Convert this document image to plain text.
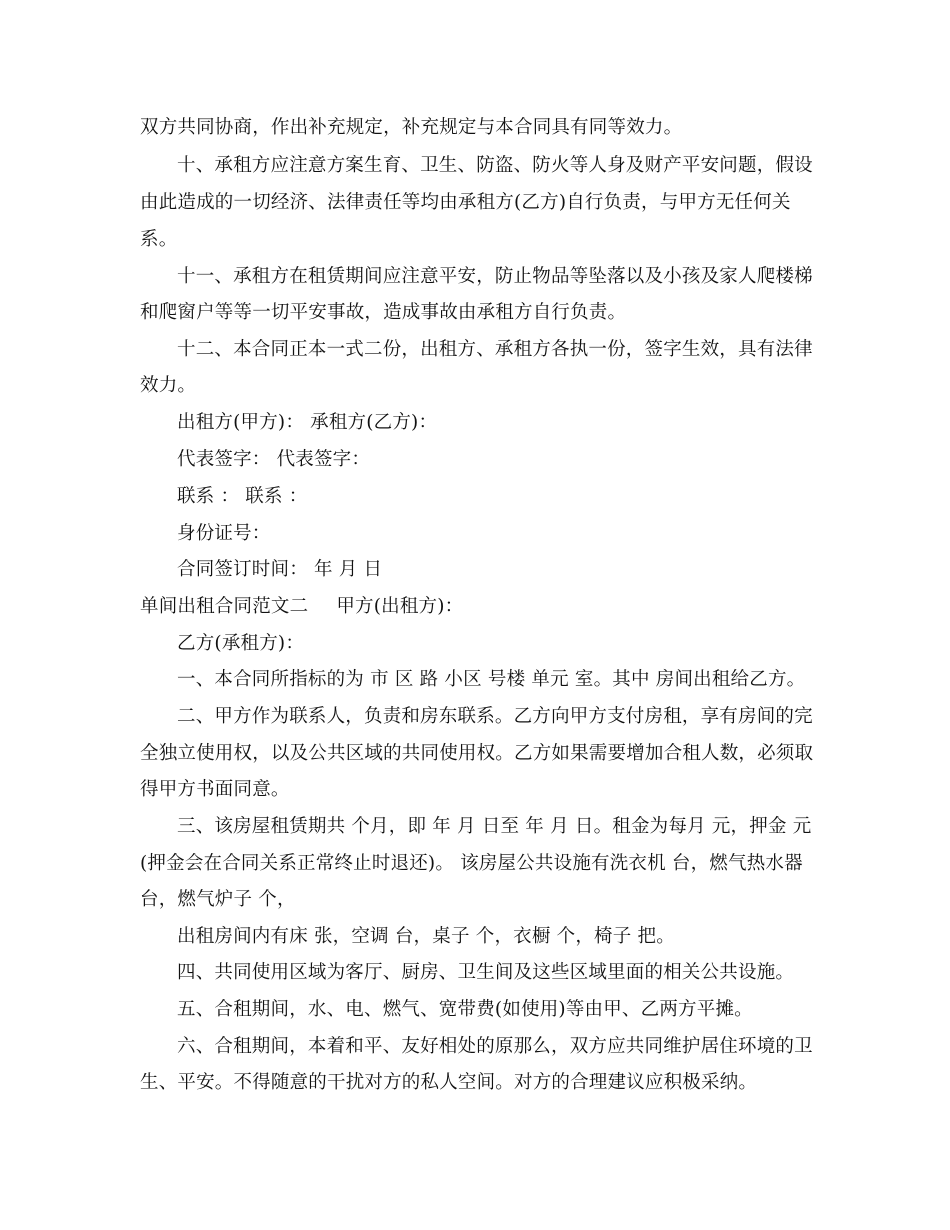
双方共同协商，作出补充规定，补充规定与本合同具有同等效力。
十、承租方应注意方案生育、卫生、防盗、防火等人身及财产平安问题，假设
由此造成的一切经济、法律责任等均由承租方(乙方)自行负责，与甲方无任何关
系。
十一、承租方在租赁期间应注意平安，防止物品等坠落以及小孩及家人爬楼梯
和爬窗户等等一切平安事故，造成事故由承租方自行负责。
十二、本合同正本一式二份，出租方、承租方各执一份，签字生效，具有法律
效力。
出租方(甲方)： 承租方(乙方)：
代表签字： 代表签字：
联系 ： 联系 ：
身份证号：
合同签订时间： 年 月 日
单间出租合同范文二 甲方(出租方)：
乙方(承租方)：
一、本合同所指标的为 市 区 路 小区 号楼 单元 室。其中 房间出租给乙方。
二、甲方作为联系人，负责和房东联系。乙方向甲方支付房租，享有房间的完
全独立使用权，以及公共区域的共同使用权。乙方如果需要增加合租人数，必须取
得甲方书面同意。
三、该房屋租赁期共 个月，即 年 月 日至 年 月 日。租金为每月 元，押金 元
(押金会在合同关系正常终止时退还)。 该房屋公共设施有洗衣机 台，燃气热水器
台，燃气炉子 个，
出租房间内有床 张，空调 台，桌子 个，衣橱 个，椅子 把。
四、共同使用区域为客厅、厨房、卫生间及这些区域里面的相关公共设施。
五、合租期间，水、电、燃气、宽带费(如使用)等由甲、乙两方平摊。
六、合租期间，本着和平、友好相处的原那么，双方应共同维护居住环境的卫
生、平安。不得随意的干扰对方的私人空间。对方的合理建议应积极采纳。
